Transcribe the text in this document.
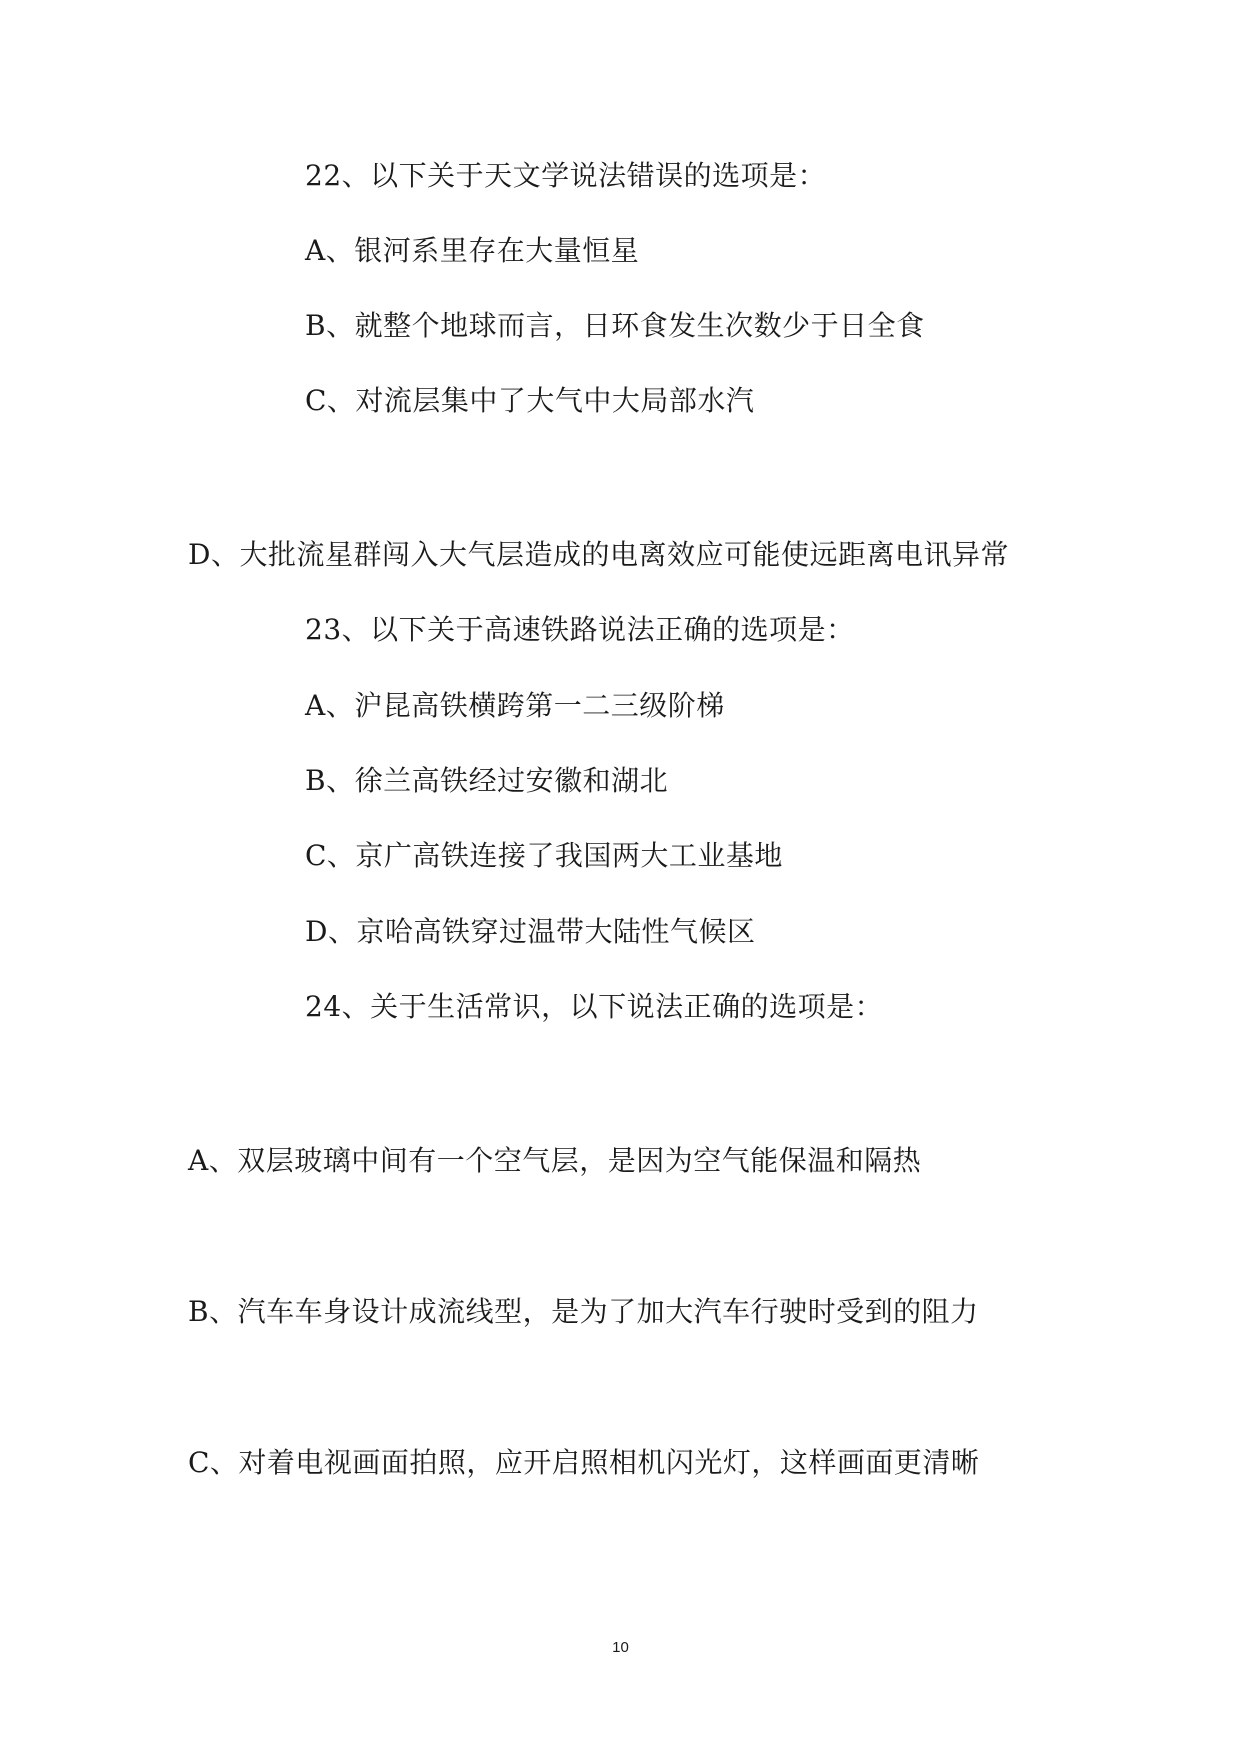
22、以下关于天文学说法错误的选项是：
A、银河系里存在大量恒星
B、就整个地球而言，日环食发生次数少于日全食
C、对流层集中了大气中大局部水汽
D、大批流星群闯入大气层造成的电离效应可能使远距离电讯异常
23、以下关于高速铁路说法正确的选项是：
A、沪昆高铁横跨第一二三级阶梯
B、徐兰高铁经过安徽和湖北
C、京广高铁连接了我国两大工业基地
D、京哈高铁穿过温带大陆性气候区
24、关于生活常识，以下说法正确的选项是：
A、双层玻璃中间有一个空气层，是因为空气能保温和隔热
B、汽车车身设计成流线型，是为了加大汽车行驶时受到的阻力
C、对着电视画面拍照，应开启照相机闪光灯，这样画面更清晰
10
